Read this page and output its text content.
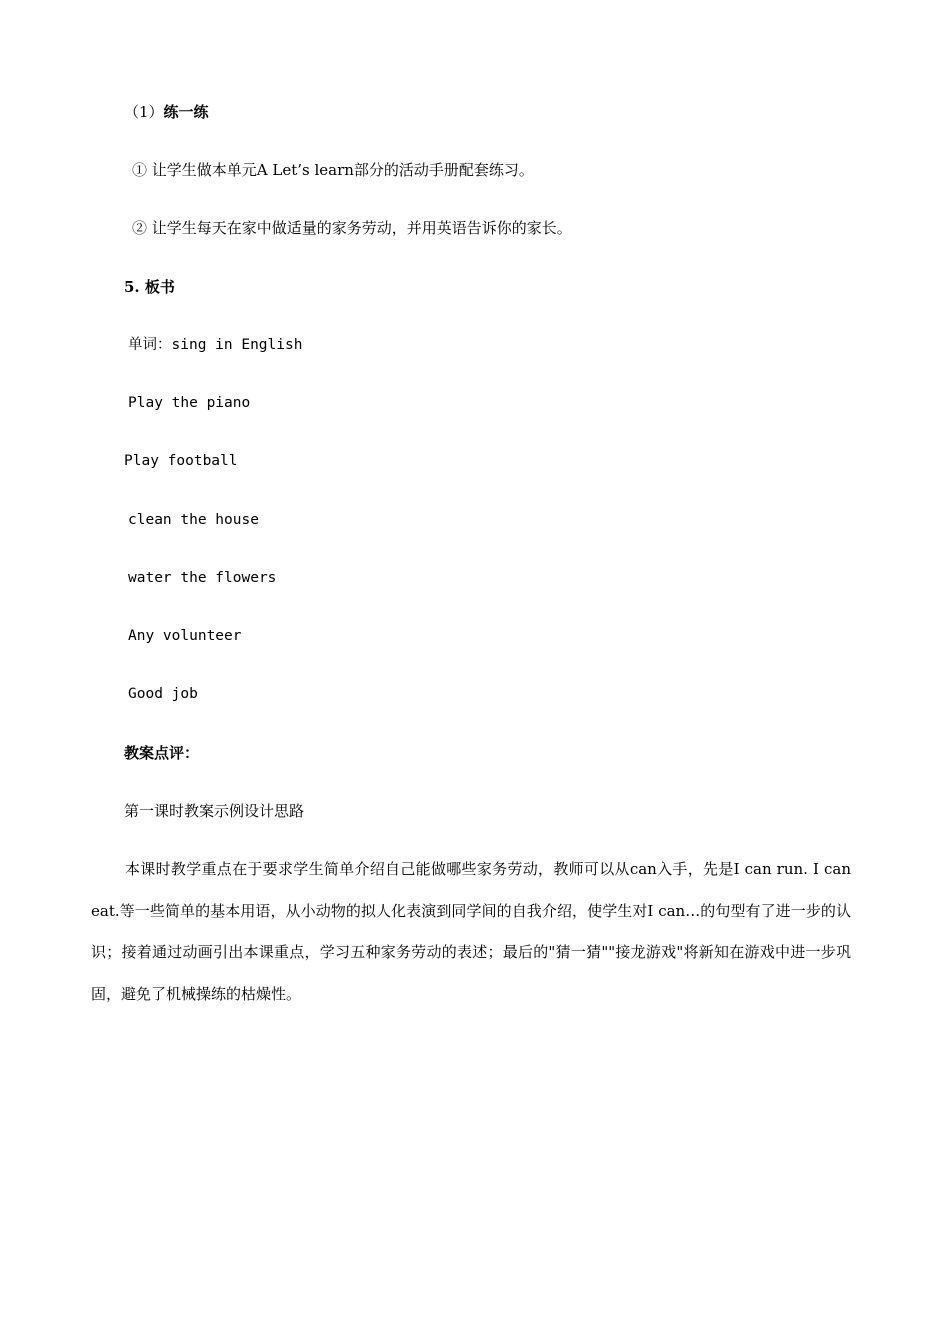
（1）练一练
① 让学生做本单元A Let’s learn部分的活动手册配套练习。
② 让学生每天在家中做适量的家务劳动，并用英语告诉你的家长。
5. 板书
单词：sing in English
Play the piano
Play football
clean the house
water the flowers
Any volunteer
Good job
教案点评：
第一课时教案示例设计思路
本课时教学重点在于要求学生简单介绍自己能做哪些家务劳动，教师可以从can入手，先是I can run. I can eat.等一些简单的基本用语，从小动物的拟人化表演到同学间的自我介绍，使学生对I can…的句型有了进一步的认识；接着通过动画引出本课重点，学习五种家务劳动的表述；最后的"猜一猜""接龙游戏"将新知在游戏中进一步巩固，避免了机械操练的枯燥性。
